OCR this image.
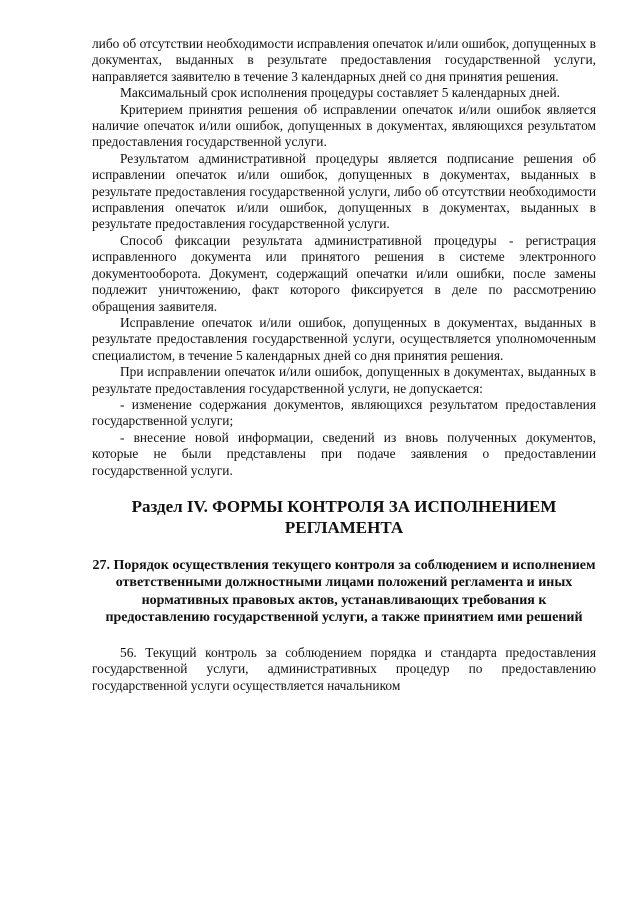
либо об отсутствии необходимости исправления опечаток и/или ошибок, допущенных в документах, выданных в результате предоставления государственной услуги, направляется заявителю в течение 3 календарных дней со дня принятия решения.

Максимальный срок исполнения процедуры составляет 5 календарных дней.

Критерием принятия решения об исправлении опечаток и/или ошибок является наличие опечаток и/или ошибок, допущенных в документах, являющихся результатом предоставления государственной услуги.

Результатом административной процедуры является подписание решения об исправлении опечаток и/или ошибок, допущенных в документах, выданных в результате предоставления государственной услуги, либо об отсутствии необходимости исправления опечаток и/или ошибок, допущенных в документах, выданных в результате предоставления государственной услуги.

Способ фиксации результата административной процедуры - регистрация исправленного документа или принятого решения в системе электронного документооборота. Документ, содержащий опечатки и/или ошибки, после замены подлежит уничтожению, факт которого фиксируется в деле по рассмотрению обращения заявителя.

Исправление опечаток и/или ошибок, допущенных в документах, выданных в результате предоставления государственной услуги, осуществляется уполномоченным специалистом, в течение 5 календарных дней со дня принятия решения.

При исправлении опечаток и/или ошибок, допущенных в документах, выданных в результате предоставления государственной услуги, не допускается:

- изменение содержания документов, являющихся результатом предоставления государственной услуги;

- внесение новой информации, сведений из вновь полученных документов, которые не были представлены при подаче заявления о предоставлении государственной услуги.

Раздел IV. ФОРМЫ КОНТРОЛЯ ЗА ИСПОЛНЕНИЕМ РЕГЛАМЕНТА
27. Порядок осуществления текущего контроля за соблюдением и исполнением ответственными должностными лицами положений регламента и иных нормативных правовых актов, устанавливающих требования к предоставлению государственной услуги, а также принятием ими решений

56. Текущий контроль за соблюдением порядка и стандарта предоставления государственной услуги, административных процедур по предоставлению государственной услуги осуществляется начальником
